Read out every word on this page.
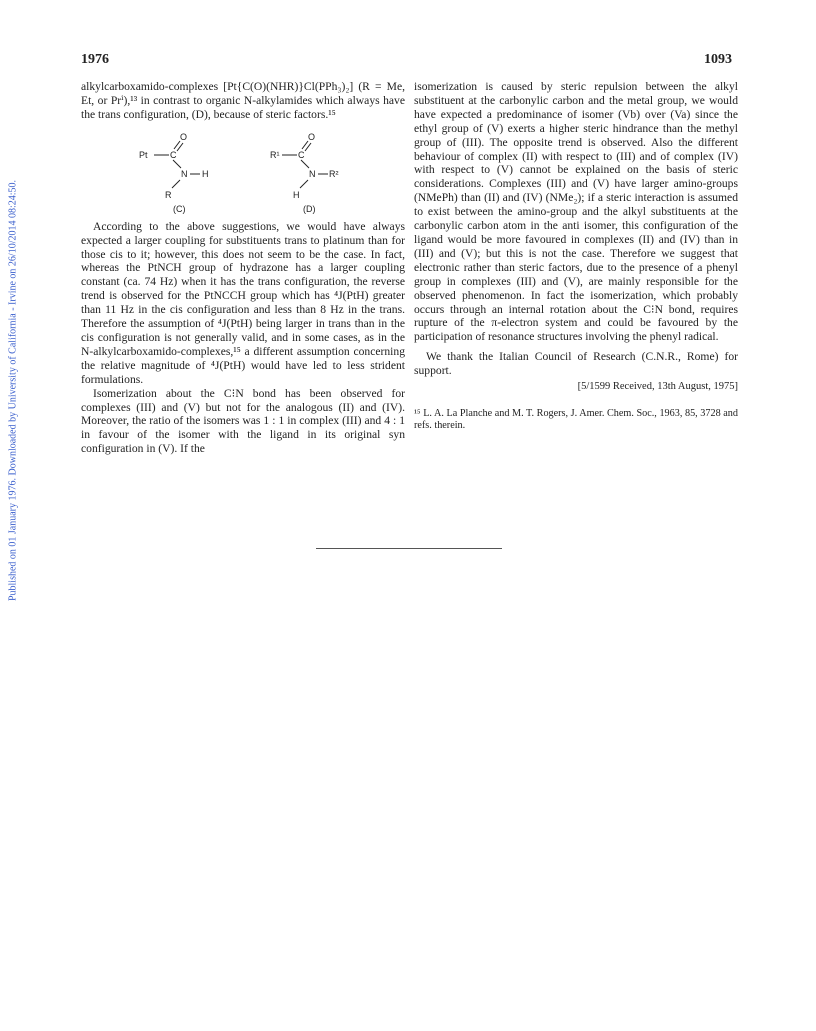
Published on 01 January 1976. Downloaded by University of California - Irvine on 26/10/2014 08:24:50.
1976	1093

alkylcarboxamido-complexes [Pt{C(O)(NHR)}Cl(PPh₃)₂] (R = Me, Et, or Prⁱ),¹³ in contrast to organic N-alkylamides which always have the trans configuration, (D), because of steric factors.¹⁵

Pt C
O
N H
R
(C)
R¹ C
O
N R²
H
(D)

According to the above suggestions, we would have always expected a larger coupling for substituents trans to platinum than for those cis to it; however, this does not seem to be the case. In fact, whereas the PtNCH group of hydrazone has a larger coupling constant (ca. 74 Hz) when it has the trans configuration, the reverse trend is observed for the PtNCCH group which has ⁴J(PtH) greater than 11 Hz in the cis configuration and less than 8 Hz in the trans. Therefore the assumption of ⁴J(PtH) being larger in trans than in the cis configuration is not generally valid, and in some cases, as in the N-alkylcarboxamido-complexes,¹⁵ a different assumption concerning the relative magnitude of ⁴J(PtH) would have led to less strident formulations.

Isomerization about the C⁝N bond has been observed for complexes (III) and (V) but not for the analogous (II) and (IV). Moreover, the ratio of the isomers was 1 : 1 in complex (III) and 4 : 1 in favour of the isomer with the ligand in its original syn configuration in (V). If the

isomerization is caused by steric repulsion between the alkyl substituent at the carbonylic carbon and the metal group, we would have expected a predominance of isomer (Vb) over (Va) since the ethyl group of (V) exerts a higher steric hindrance than the methyl group of (III). The opposite trend is observed. Also the different behaviour of complex (II) with respect to (III) and of complex (IV) with respect to (V) cannot be explained on the basis of steric considerations. Complexes (III) and (V) have larger amino-groups (NMePh) than (II) and (IV) (NMe₂); if a steric interaction is assumed to exist between the amino-group and the alkyl substituents at the carbonylic carbon atom in the anti isomer, this configuration of the ligand would be more favoured in complexes (II) and (IV) than in (III) and (V); but this is not the case. Therefore we suggest that electronic rather than steric factors, due to the presence of a phenyl group in complexes (III) and (V), are mainly responsible for the observed phenomenon. In fact the isomerization, which probably occurs through an internal rotation about the C⁝N bond, requires rupture of the π-electron system and could be favoured by the participation of resonance structures involving the phenyl radical.

We thank the Italian Council of Research (C.N.R., Rome) for support.

[5/1599 Received, 13th August, 1975]

¹⁵ L. A. La Planche and M. T. Rogers, J. Amer. Chem. Soc., 1963, 85, 3728 and refs. therein.
